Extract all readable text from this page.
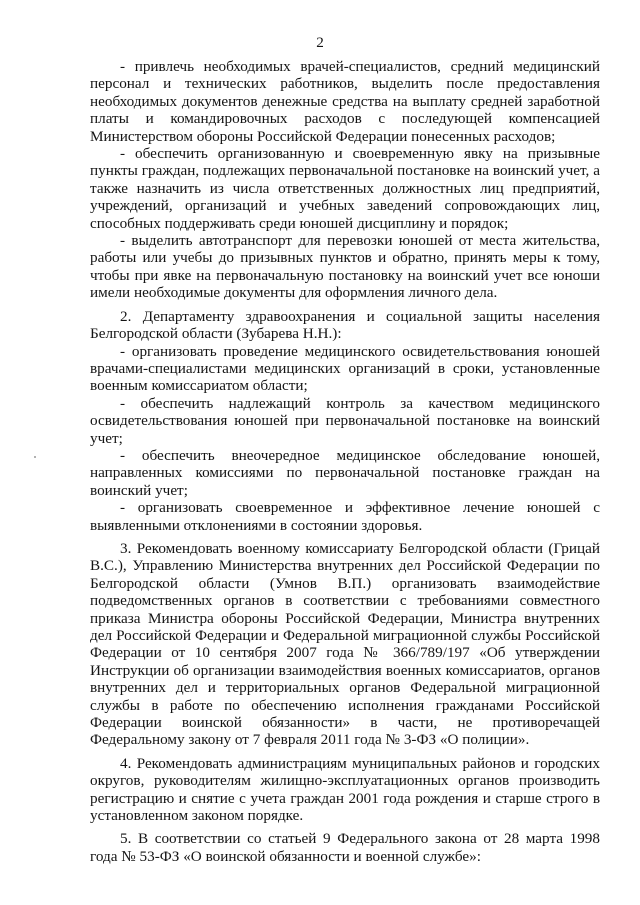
2

- привлечь необходимых врачей-специалистов, средний медицинский персонал и технических работников, выделить после предоставления необходимых документов денежные средства на выплату средней заработной платы и командировочных расходов с последующей компенсацией Министерством обороны Российской Федерации понесенных расходов;

- обеспечить организованную и своевременную явку на призывные пункты граждан, подлежащих первоначальной постановке на воинский учет, а также назначить из числа ответственных должностных лиц предприятий, учреждений, организаций и учебных заведений сопровождающих лиц, способных поддерживать среди юношей дисциплину и порядок;

- выделить автотранспорт для перевозки юношей от места жительства, работы или учебы до призывных пунктов и обратно, принять меры к тому, чтобы при явке на первоначальную постановку на воинский учет все юноши имели необходимые документы для оформления личного дела.

2. Департаменту здравоохранения и социальной защиты населения Белгородской области (Зубарева Н.Н.):

- организовать проведение медицинского освидетельствования юношей врачами-специалистами медицинских организаций в сроки, установленные военным комиссариатом области;

- обеспечить надлежащий контроль за качеством медицинского освидетельствования юношей при первоначальной постановке на воинский учет;

- обеспечить внеочередное медицинское обследование юношей, направленных комиссиями по первоначальной постановке граждан на воинский учет;

- организовать своевременное и эффективное лечение юношей с выявленными отклонениями в состоянии здоровья.

3. Рекомендовать военному комиссариату Белгородской области (Грицай В.С.), Управлению Министерства внутренних дел Российской Федерации по Белгородской области (Умнов В.П.) организовать взаимодействие подведомственных органов в соответствии с требованиями совместного приказа Министра обороны Российской Федерации, Министра внутренних дел Российской Федерации и Федеральной миграционной службы Российской Федерации от 10 сентября 2007 года № 366/789/197 «Об утверждении Инструкции об организации взаимодействия военных комиссариатов, органов внутренних дел и территориальных органов Федеральной миграционной службы в работе по обеспечению исполнения гражданами Российской Федерации воинской обязанности» в части, не противоречащей Федеральному закону от 7 февраля 2011 года № 3-ФЗ «О полиции».

4. Рекомендовать администрациям муниципальных районов и городских округов, руководителям жилищно-эксплуатационных органов производить регистрацию и снятие с учета граждан 2001 года рождения и старше строго в установленном законом порядке.

5. В соответствии со статьей 9 Федерального закона от 28 марта 1998 года № 53-ФЗ «О воинской обязанности и военной службе»:
